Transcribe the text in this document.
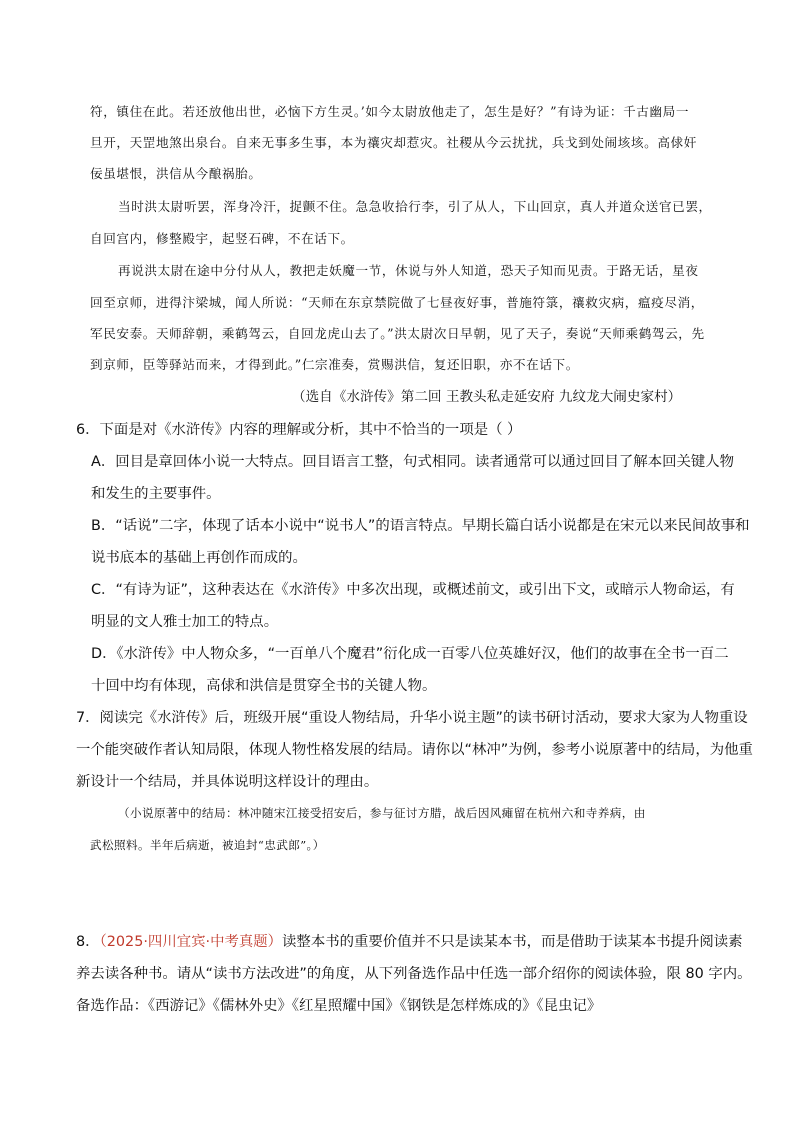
符，镇住在此。若还放他出世，必恼下方生灵。’如今太尉放他走了，怎生是好？”有诗为证：千古幽局一
旦开，天罡地煞出泉台。自来无事多生事，本为禳灾却惹灾。社稷从今云扰扰，兵戈到处闹垓垓。高俅奸
佞虽堪恨，洪信从今酿祸胎。
当时洪太尉听罢，浑身冷汗，捉颤不住。急急收拾行李，引了从人，下山回京，真人并道众送官已罢，
自回宫内，修整殿宇，起竖石碑，不在话下。
再说洪太尉在途中分付从人，教把走妖魔一节，休说与外人知道，恐天子知而见责。于路无话，星夜
回至京师，进得汴梁城，闻人所说：“天师在东京禁院做了七昼夜好事，普施符箓，禳救灾病，瘟疫尽消，
军民安泰。天师辞朝，乘鹤驾云，自回龙虎山去了。”洪太尉次日早朝，见了天子，奏说“天师乘鹤驾云，先
到京师，臣等驿站而来，才得到此。”仁宗准奏，赏赐洪信，复还旧职，亦不在话下。
（选自《水浒传》第二回 王教头私走延安府 九纹龙大闹史家村）
6．下面是对《水浒传》内容的理解或分析，其中不恰当的一项是（ ）
A．回目是章回体小说一大特点。回目语言工整，句式相同。读者通常可以通过回目了解本回关键人物
和发生的主要事件。
B．“话说”二字，体现了话本小说中“说书人”的语言特点。早期长篇白话小说都是在宋元以来民间故事和
说书底本的基础上再创作而成的。
C．“有诗为证”，这种表达在《水浒传》中多次出现，或概述前文，或引出下文，或暗示人物命运，有
明显的文人雅士加工的特点。
D．《水浒传》中人物众多，“一百单八个魔君”衍化成一百零八位英雄好汉，他们的故事在全书一百二
十回中均有体现，高俅和洪信是贯穿全书的关键人物。
7．阅读完《水浒传》后，班级开展“重设人物结局，升华小说主题”的读书研讨活动，要求大家为人物重设
一个能突破作者认知局限，体现人物性格发展的结局。请你以“林冲”为例，参考小说原著中的结局，为他重
新设计一个结局，并具体说明这样设计的理由。
（小说原著中的结局：林冲随宋江接受招安后，参与征讨方腊，战后因风瘫留在杭州六和寺养病，由
武松照料。半年后病逝，被追封“忠武郎”。）
8．（2025·四川宜宾·中考真题）读整本书的重要价值并不只是读某本书，而是借助于读某本书提升阅读素
养去读各种书。请从“读书方法改进”的角度，从下列备选作品中任选一部介绍你的阅读体验，限 80 字内。
备选作品：《西游记》《儒林外史》《红星照耀中国》《钢铁是怎样炼成的》《昆虫记》
